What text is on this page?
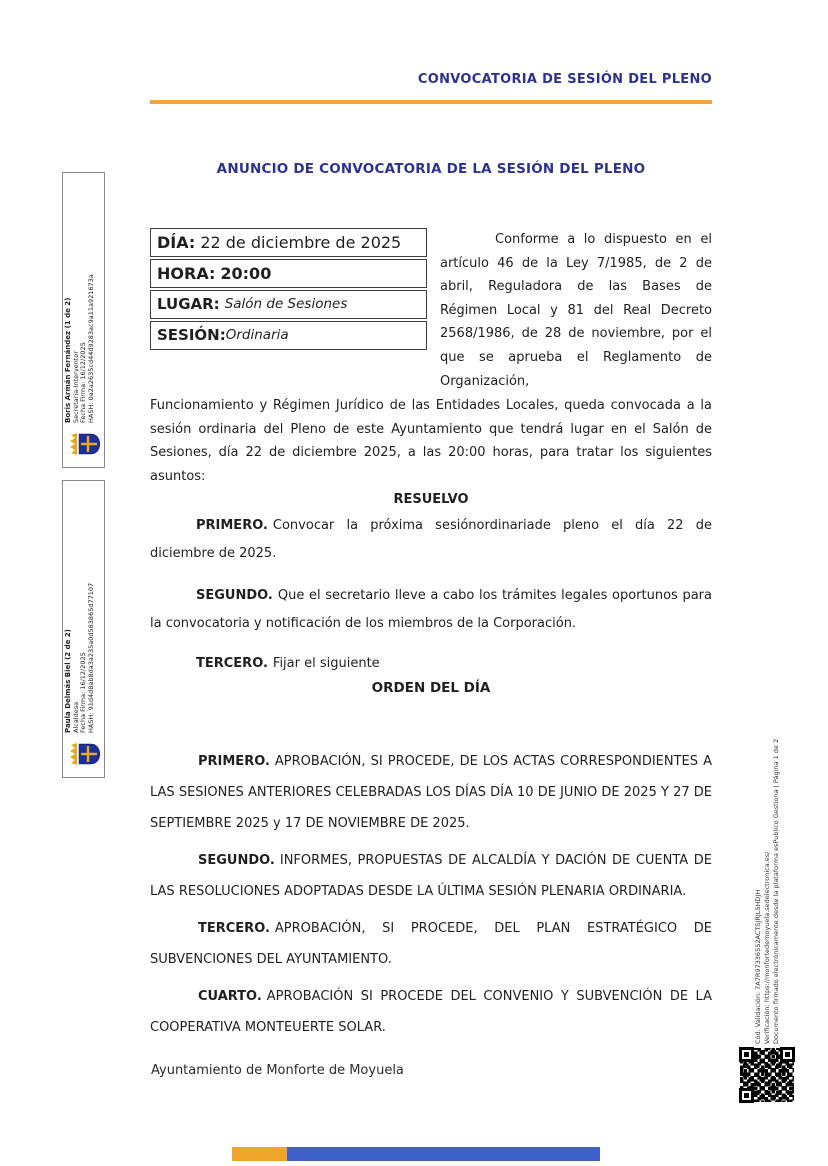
CONVOCATORIA DE SESIÓN DEL PLENO
ANUNCIO DE CONVOCATORIA DE LA SESIÓN DEL PLENO
DÍA: 22 de diciembre de 2025
HORA: 20:00
LUGAR: Salón de Sesiones
SESIÓN: Ordinaria

Conforme a lo dispuesto en el artículo 46 de la Ley 7/1985, de 2 de abril, Reguladora de las Bases de Régimen Local y 81 del Real Decreto 2568/1986, de 28 de noviembre, por el que se aprueba el Reglamento de Organización,

Funcionamiento y Régimen Jurídico de las Entidades Locales, queda convocada a la sesión ordinaria del Pleno de este Ayuntamiento que tendrá lugar en el Salón de Sesiones, día 22 de diciembre 2025, a las 20:00 horas, para tratar los siguientes asuntos:

RESUELVO

PRIMERO. Convocar la próxima sesiónordinariade pleno el día 22 de diciembre de 2025.

SEGUNDO. Que el secretario lleve a cabo los trámites legales oportunos para la convocatoria y notificación de los miembros de la Corporación.

TERCERO. Fijar el siguiente

ORDEN DEL DÍA

PRIMERO. APROBACIÓN, SI PROCEDE, DE LOS ACTAS CORRESPONDIENTES A LAS SESIONES ANTERIORES CELEBRADAS LOS DÍAS DÍA 10 DE JUNIO DE 2025 Y 27 DE SEPTIEMBRE 2025 y 17 DE NOVIEMBRE DE 2025.

SEGUNDO. INFORMES, PROPUESTAS DE ALCALDÍA Y DACIÓN DE CUENTA DE LAS RESOLUCIONES ADOPTADAS DESDE LA ÚLTIMA SESIÓN PLENARIA ORDINARIA.

TERCERO. APROBACIÓN, SI PROCEDE, DEL PLAN ESTRATÉGICO DE SUBVENCIONES DEL AYUNTAMIENTO.

CUARTO. APROBACIÓN SI PROCEDE DEL CONVENIO Y SUBVENCIÓN DE LA COOPERATIVA MONTEUERTE SOLAR.

Ayuntamiento de Monforte de Moyuela
Boris Armán Fernández (1 de 2) Secretaria-Interventor Fecha Firma: 16/12/2025 HASH: 0a2a2635cd44d9283ac9a11a921673a
Paula Delmás Biel (2 de 2) Alcaldesa Fecha Firma: 16/12/2025 HASH: 91d4d8ab8da3a235a0d583865d77107
Cód. Validación: 7A7R97336552ACTSJRJL5HDJH Verificación: https://monfortedemoyuela.sedelectronica.es/ Documento firmado electrónicamente desde la plataforma esPublico Gestiona | Página 1 de 2
